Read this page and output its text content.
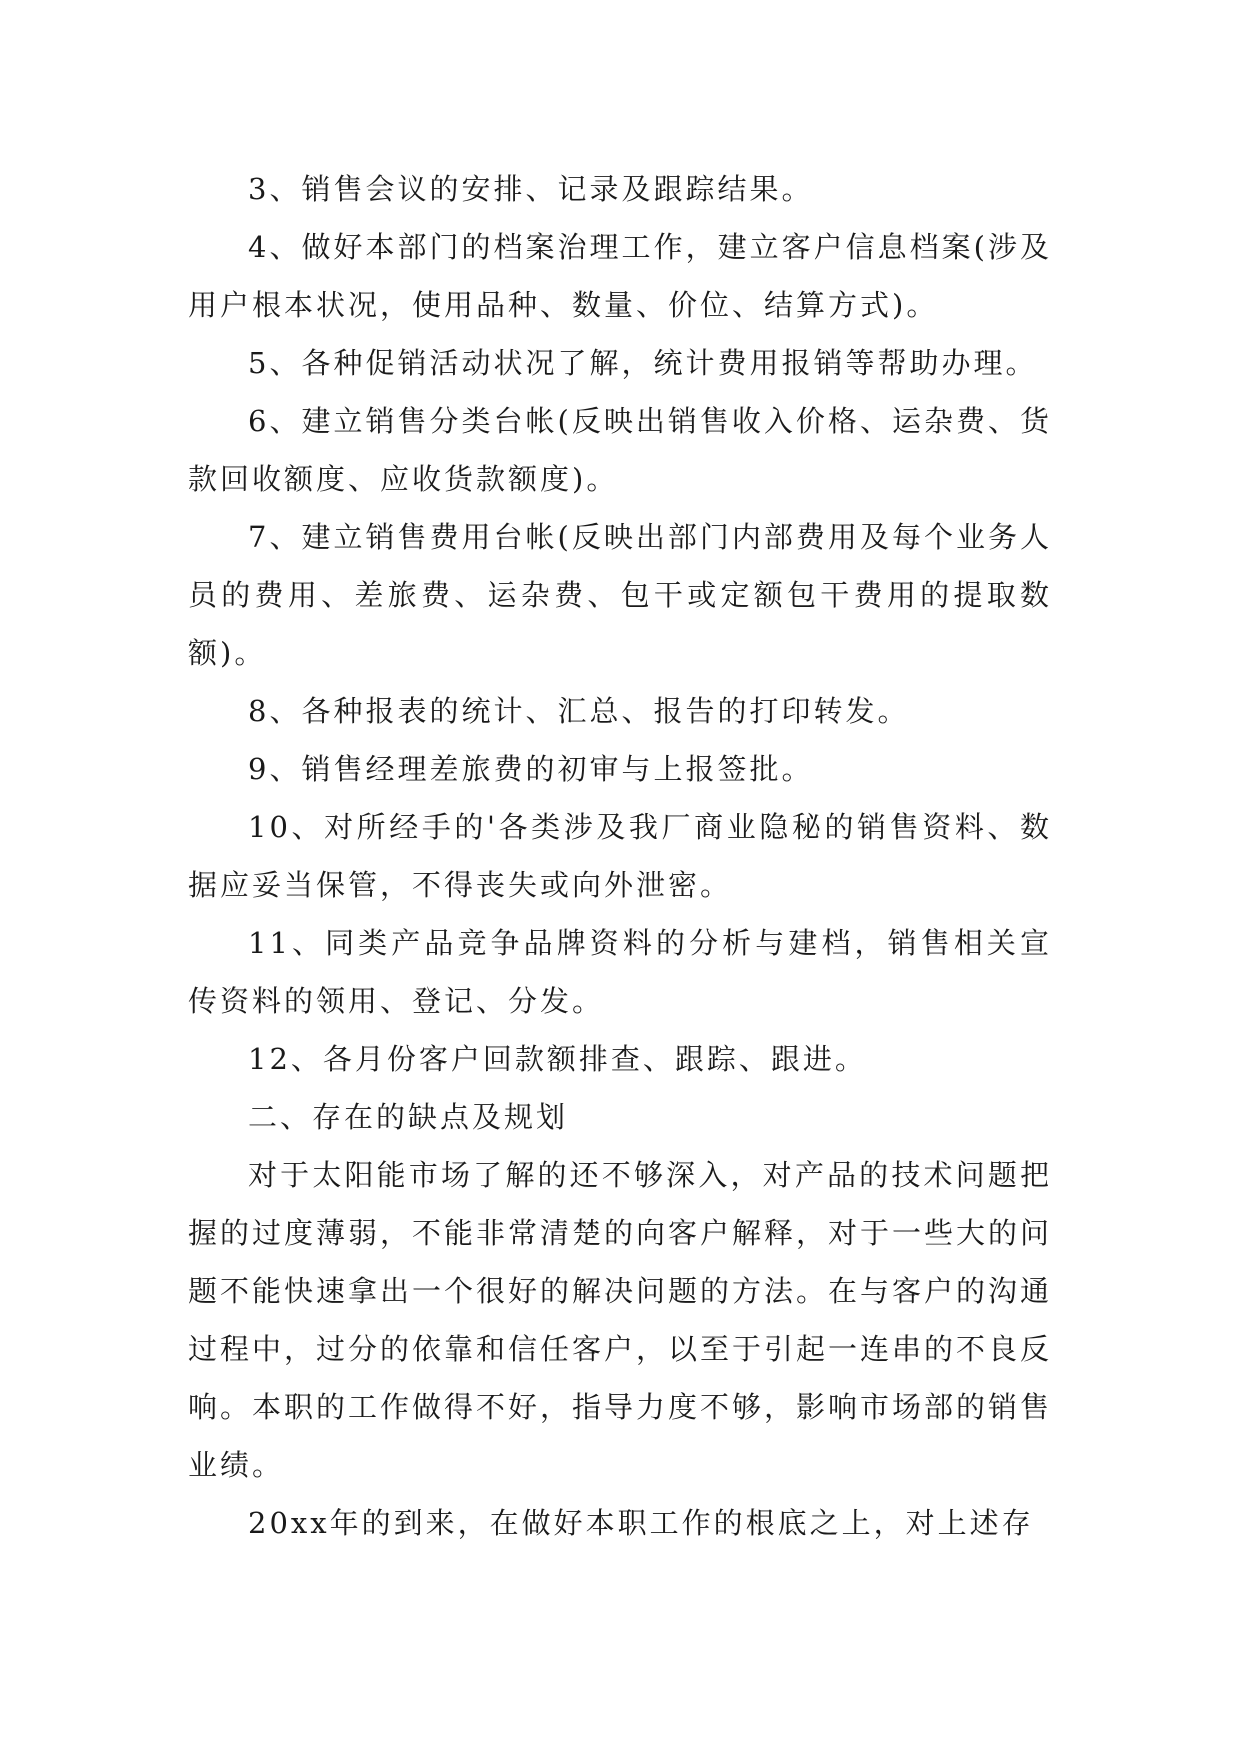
3、销售会议的安排、记录及跟踪结果。

4、做好本部门的档案治理工作，建立客户信息档案(涉及用户根本状况，使用品种、数量、价位、结算方式)。

5、各种促销活动状况了解，统计费用报销等帮助办理。

6、建立销售分类台帐(反映出销售收入价格、运杂费、货款回收额度、应收货款额度)。

7、建立销售费用台帐(反映出部门内部费用及每个业务人员的费用、差旅费、运杂费、包干或定额包干费用的提取数额)。

8、各种报表的统计、汇总、报告的打印转发。

9、销售经理差旅费的初审与上报签批。

10、对所经手的'各类涉及我厂商业隐秘的销售资料、数据应妥当保管，不得丧失或向外泄密。

11、同类产品竞争品牌资料的分析与建档，销售相关宣传资料的领用、登记、分发。

12、各月份客户回款额排查、跟踪、跟进。

二、存在的缺点及规划

对于太阳能市场了解的还不够深入，对产品的技术问题把握的过度薄弱，不能非常清楚的向客户解释，对于一些大的问题不能快速拿出一个很好的解决问题的方法。在与客户的沟通过程中，过分的依靠和信任客户，以至于引起一连串的不良反响。本职的工作做得不好，指导力度不够，影响市场部的销售业绩。

20xx年的到来，在做好本职工作的根底之上，对上述存
